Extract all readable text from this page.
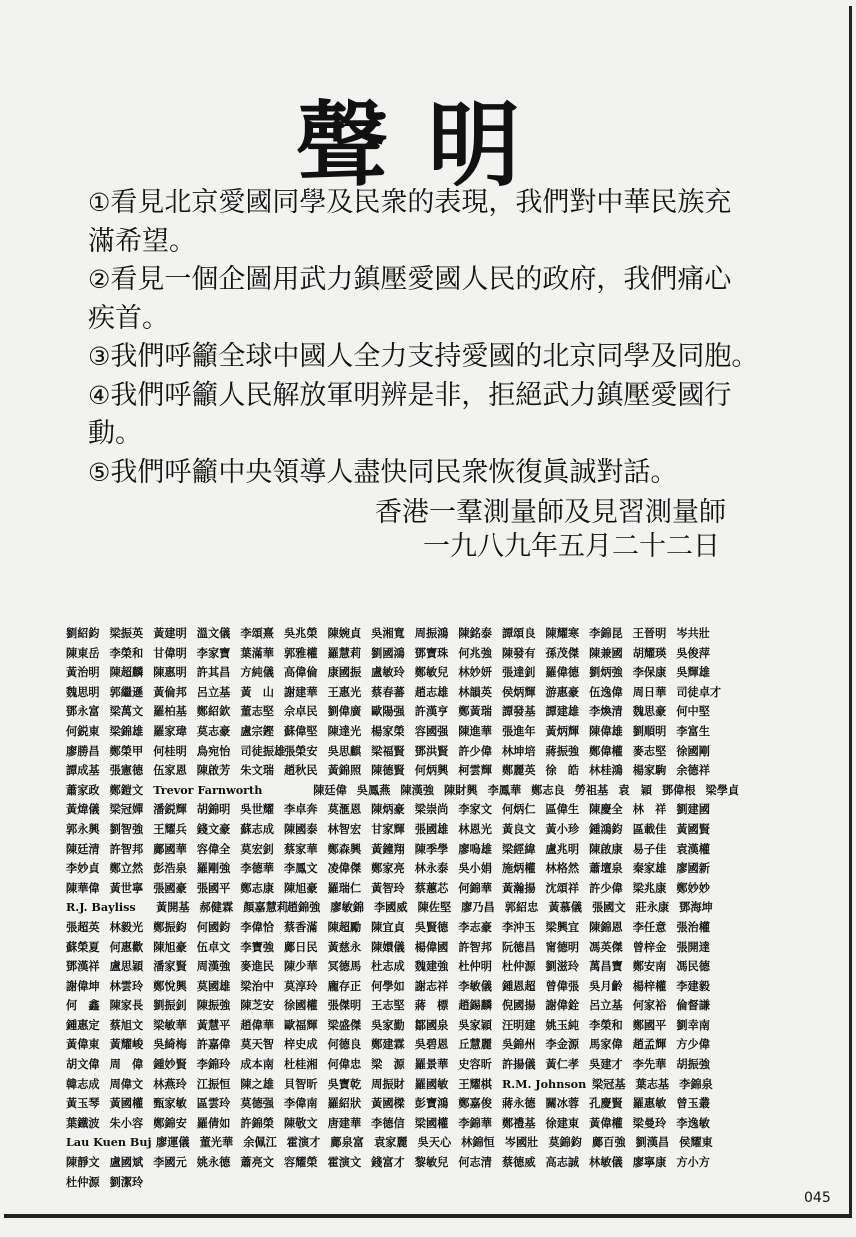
聲明
①看見北京愛國同學及民衆的表現，我們對中華民族充
滿希望。
②看見一個企圖用武力鎮壓愛國人民的政府，我們痛心
疾首。
③我們呼籲全球中國人全力支持愛國的北京同學及同胞。
④我們呼籲人民解放軍明辨是非，拒絕武力鎮壓愛國行
動。
⑤我們呼籲中央領導人盡快同民衆恢復眞誠對話。
香港一羣測量師及見習測量師
一九八九年五月二十二日
劉紹鈞 梁振英 黃建明 溫文儀 李頌熹 吳兆榮 陳婉貞 吳湘寬 周振鴻 陳銘泰 譚頌良 陳耀寒 李錦昆 王晉明 岑共壯
陳東岳 李榮和 甘偉明 李家寶 葉滿華 郭雅權 羅慧莉 劉國鴻 鄧寶珠 何兆強 陳發有 孫茂傑 陳兼國 胡耀瑛 吳俊萍
黃治明 陳超麟 陳惠明 許其昌 方純儀 高偉倫 康國振 盧敏玲 鄭敏兒 林妙妍 張達釗 羅偉德 劉炳強 李保康 吳輝雄
魏思明 郭繼遜 黃倫邦 呂立基 黃　山 謝建華 王惠光 蔡春蕃 趙志雄 林韻英 侯炳輝 游惠豪 伍逸偉 周日華 司徒卓才
鄧永富 梁萬文 羅柏基 鄭紹欽 董志堅 佘卓民 劉偉廣 歐陽强 許漢亨 鄭黃瑞 譚發基 譚建雄 李煥清 魏思豪 何中堅
何鋭東 梁錦雄 羅家瑋 莫志豪 盧宗鏗 蘇偉堅 陳達光 楊家榮 容國强 陳進華 張進年 黃炳輝 陳偉雄 劉順明 李富生
廖勝昌 鄭榮甲 何桂明 鳥宛怡 司徒振雄張榮安 吳思麒 梁福賢 鄧洪賢 許少偉 林坤培 蔣振強 鄭偉權 麥志堅 徐國剛
譚成基 張憲德 伍家恩 陳啟芳 朱文瑞 趙秋民 黃錦照 陳德賢 何炳興 柯雲輝 鄭麗英 徐　皓 林桂鴻 楊家駒 余德祥
蕭家政 鄭鎧文 Trevor Farnworth	陳廷偉 吳鳳燕 陳漢強 陳財興 李鳳華 鄭志良 勞祖基 袁　穎 鄧偉根 梁學貞
黃煒儀 梁冠嬋 潘鋭輝 胡錦明 吳世耀 李卓奔 莫滙恩 陳炳豪 梁崇尚 李家文 何炳仁 區偉生 陳慶全 林　祥 劉建國
郭永興 劉智強 王耀兵 錢文豪 蘇志成 陳國泰 林智宏 甘家輝 張國雄 林恩光 黃良文 黃小珍 鍾鴻鈞 區載佳 黃國賢
陳廷清 許智邦 鄺國華 容偉全 莫宏釗 蔡家華 鄭森興 黃鐘翔 陳季學 廖嗚雄 梁經緯 盧兆明 陳啟康 易子佳 袁漢權
李妙貞 鄭立然 彭浩泉 羅剛強 李德華 李鳳文 凌偉傑 鄭家亮 林永泰 吳小娟 施炳權 林格然 蕭壇泉 秦家雄 廖國新
陳華偉 黃世寧 張國豪 張國平 鄭志康 陳旭豪 羅瑞仁 黃智玲 蔡蕙芯 何錦華 黃瀚揚 沈頌祥 許少偉 梁兆康 鄭妙妙
R.J. Bayliss 黃開基 郝健霖 顏嘉慧莉趙錦強 廖敏錦 李國威 陳佐堅 廖乃昌 郭紹忠 黃慕儀 張國文 莊永康 鄧海坤
張超英 林毅光 鄭振鈞 何國鈞 李偉恰 蔡香滿 陳超勵 陳宜貞 吳賢德 李志豪 李沖玉 梁興宜 陳錦恩 李任意 張治權
蘇榮夏 何惠歡 陳旭豪 伍卓文 李寶強 鄺日民 黃慈永 陳嬛儀 楊偉國 許智邦 阮德昌 甯德明 馮英傑 曾梓金 張開達
鄧漢祥 盧思穎 潘家賢 周漢強 麥進民 陳少華 冥德馬 杜志成 魏建強 杜仲明 杜仲源 劉滋玲 萬昌寶 鄭安南 馮民德
謝偉坤 林雲玲 鄭悅興 莫國雄 梁治中 莫淳玲 龐存正 何學如 謝志祥 李敏儀 鍾恩超 曾偉張 吳月齡 楊梓權 李建毅
何　鑫 陳家長 劉振釗 陳振強 陳芝安 徐國權 張傑明 王志堅 蔣　標 趙錫麟 倪國揚 謝偉銓 呂立基 何家裕 倫督謙
鍾惠定 蔡旭文 梁敏華 黃慧平 趙偉華 歐福輝 梁盛傑 吳家勤 鄒國泉 吳家穎 汪明建 姚玉純 李榮和 鄭國平 劉幸南
黃偉東 黃耀峻 吳綺梅 許嘉偉 莫天智 梓史成 何德良 鄭建霖 吳碧恩 丘慧麗 吳錦州 李金源 馬家偉 趙孟輝 方少偉
胡文偉 周　偉 鍾妙賢 李錦玲 成本南 杜桂湘 何偉忠 梁　源 羅景華 史容昕 許揚儀 黃仁孝 吳建才 李先華 胡振強
韓志成 周偉文 林燕玲 江振恒 陳之雄 貝智昕 吳寶乾 周振財 羅國敏 王耀棋 R.M. Johnson 梁冠基 葉志基 李錦泉
黃玉琴 黃國權 甄家敏 區雲玲 莫德强 李偉南 羅紹狀 黃國樑 彭寶鴻 鄭嘉俊 蔣永德 關冰蓉 孔慶賢 羅惠敏 曾玉叢
葉鐵波 朱小容 鄭錦安 羅倩如 許錦榮 陳敬文 唐建華 李德信 梁國權 李錦華 鄭禮基 徐建東 黃偉權 梁曼玲 李逸敏
Lau Kuen Buj 廖運儀 董光華 余佩江 霍演才 鄺泉富 袁家麗 吳天心 林錦恒 岑國壯 莫錦鈞 鄺百強 劉漢昌 侯耀東
陳靜文 盧國斌 李國元 姚永德 蕭亮文 容耀榮 霍演文 錢富才 黎敏兒 何志清 蔡德威 高志誠 林敏儀 廖寧康 方小方
杜仲源 劉潔玲
045
